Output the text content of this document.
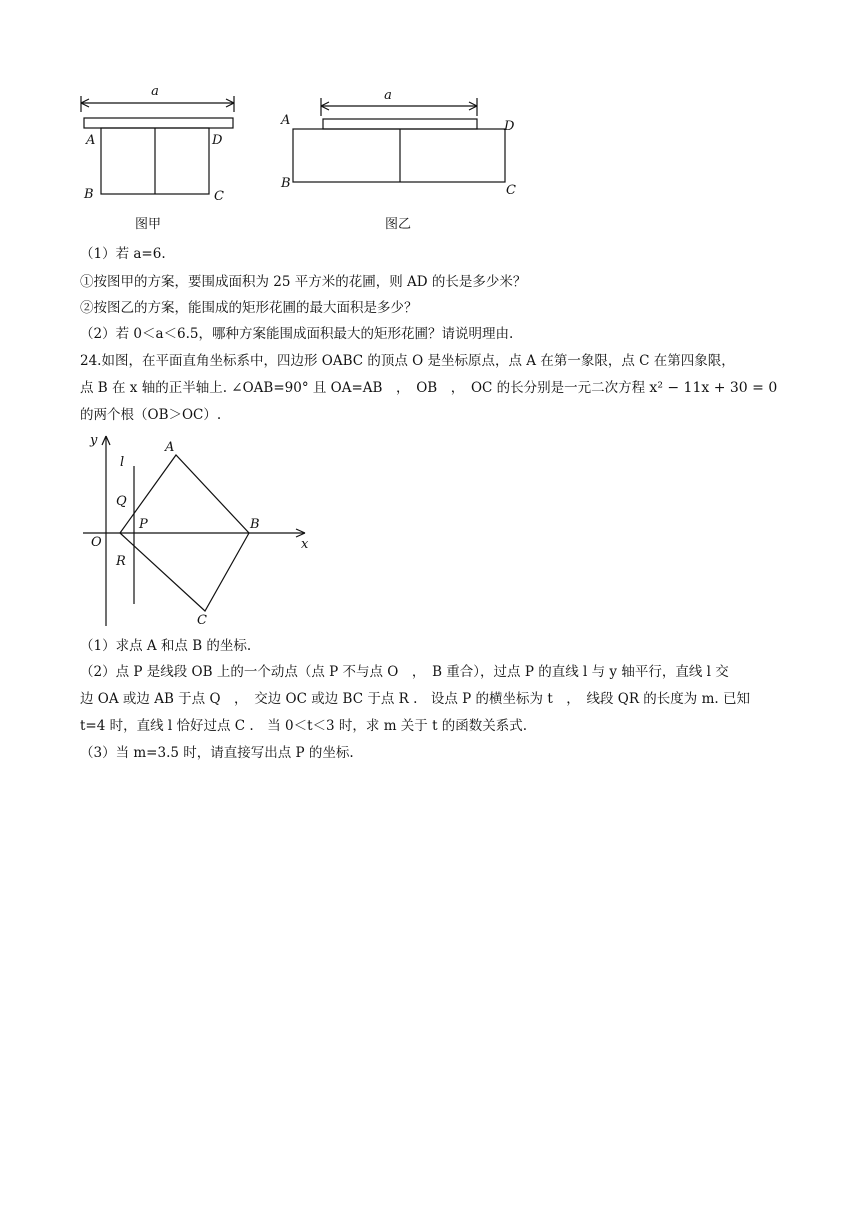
a
A	D
B	C
图甲
a
A	D
B	C
图乙
（1）若 a=6.
①按图甲的方案，要围成面积为 25 平方米的花圃，则 AD 的长是多少米？
②按图乙的方案，能围成的矩形花圃的最大面积是多少？
（2）若 0＜a＜6.5，哪种方案能围成面积最大的矩形花圃？请说明理由.
24.如图，在平面直角坐标系中，四边形 OABC 的顶点 O 是坐标原点，点 A 在第一象限，点 C 在第四象限，
点 B 在 x 轴的正半轴上. ∠OAB=90° 且 OA=AB　，　OB　，　OC 的长分别是一元二次方程 x² − 11x + 30 = 0
的两个根（OB＞OC）.
y
x
l
A
B
C
O
P
Q
R
（1）求点 A 和点 B 的坐标.
（2）点 P 是线段 OB 上的一个动点（点 P 不与点 O　，　B 重合），过点 P 的直线 l 与 y 轴平行，直线 l 交
边 OA 或边 AB 于点 Q　，　交边 OC 或边 BC 于点 R .　设点 P 的横坐标为 t　，　线段 QR 的长度为 m. 已知
t=4 时，直线 l 恰好过点 C .　当 0＜t＜3 时，求 m 关于 t 的函数关系式.
（3）当 m=3.5 时，请直接写出点 P 的坐标.
